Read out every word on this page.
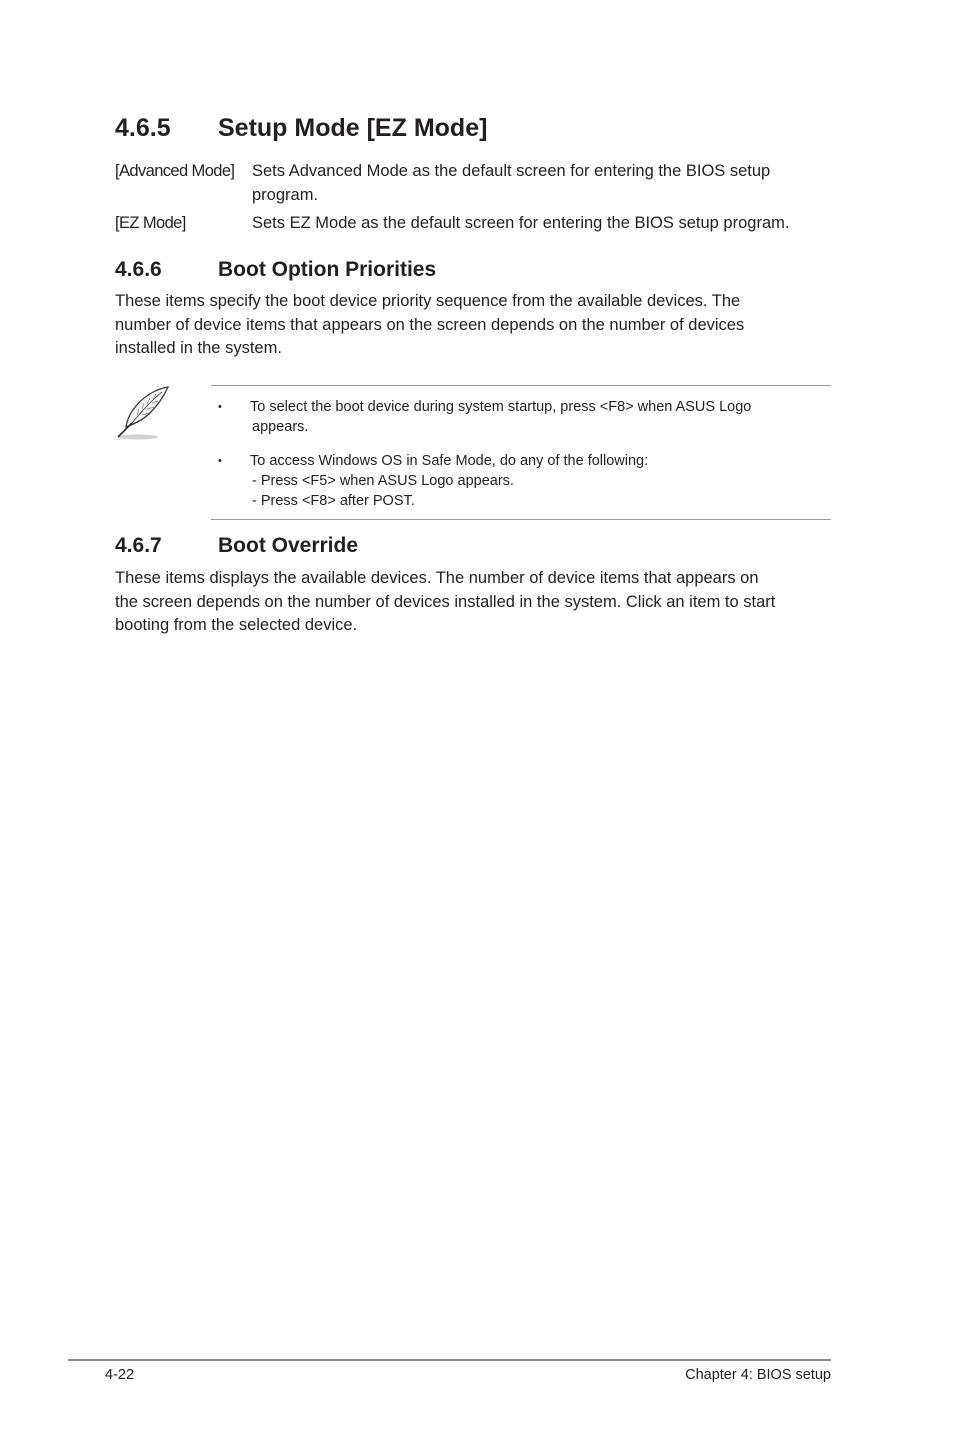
4.6.5 Setup Mode [EZ Mode]
[Advanced Mode] Sets Advanced Mode as the default screen for entering the BIOS setup
program.
[EZ Mode]	Sets EZ Mode as the default screen for entering the BIOS setup program.
4.6.6	Boot Option Priorities
These items specify the boot device priority sequence from the available devices. The
number of device items that appears on the screen depends on the number of devices
installed in the system.
• To select the boot device during system startup, press <F8> when ASUS Logo
appears.
• To access Windows OS in Safe Mode, do any of the following:
- Press <F5> when ASUS Logo appears.
- Press <F8> after POST.
4.6.7	Boot Override
These items displays the available devices. The number of device items that appears on
the screen depends on the number of devices installed in the system. Click an item to start
booting from the selected device.
4-22	Chapter 4: BIOS setup
